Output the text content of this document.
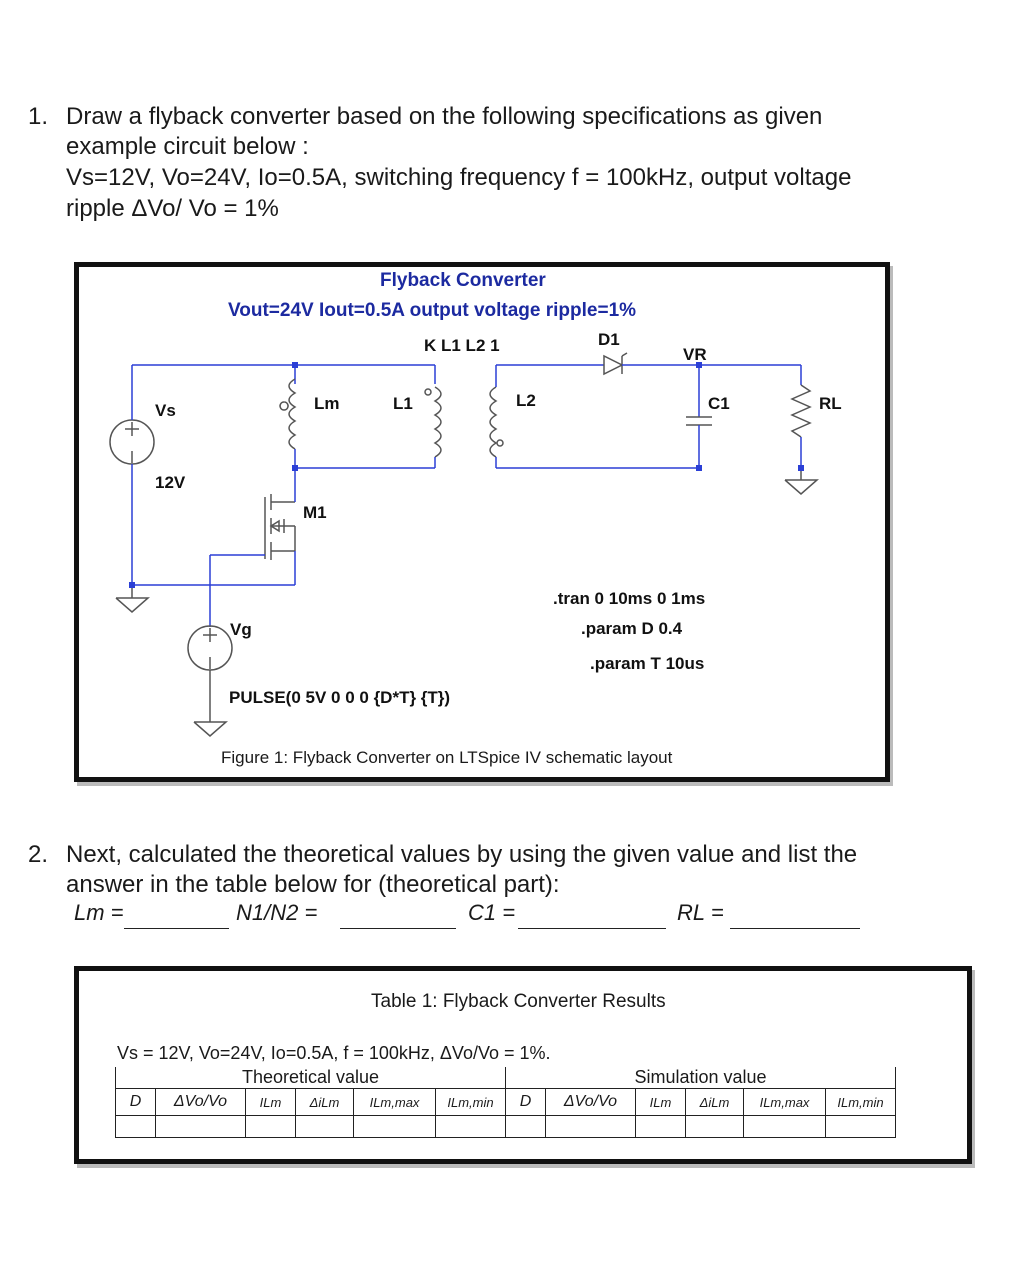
1. Draw a flyback converter based on the following specifications as given
example circuit below :
Vs=12V, Vo=24V, Io=0.5A, switching frequency f = 100kHz, output voltage
ripple ΔVo/ Vo = 1%
Flyback Converter
Vout=24V Iout=0.5A output voltage ripple=1%
K L1 L2 1	D1
VR
Vs	Lm	L1	L2	C1	RL
12V
M1
Vg
.tran 0 10ms 0 1ms
.param D 0.4
.param T 10us
PULSE(0 5V 0 0 0 {D*T} {T})
Figure 1: Flyback Converter on LTSpice IV schematic layout
2. Next, calculated the theoretical values by using the given value and list the
answer in the table below for (theoretical part):
Lm =	N1/N2 =	C1 =	RL =
Table 1: Flyback Converter Results
Vs = 12V, Vo=24V, Io=0.5A, f = 100kHz, ΔVo/Vo = 1%.
Theoretical value						Simulation value					
D	ΔVo/Vo	ILm	ΔiLm	ILm,max	ILm,min	D	ΔVo/Vo	ILm	ΔiLm	ILm,max	ILm,min
